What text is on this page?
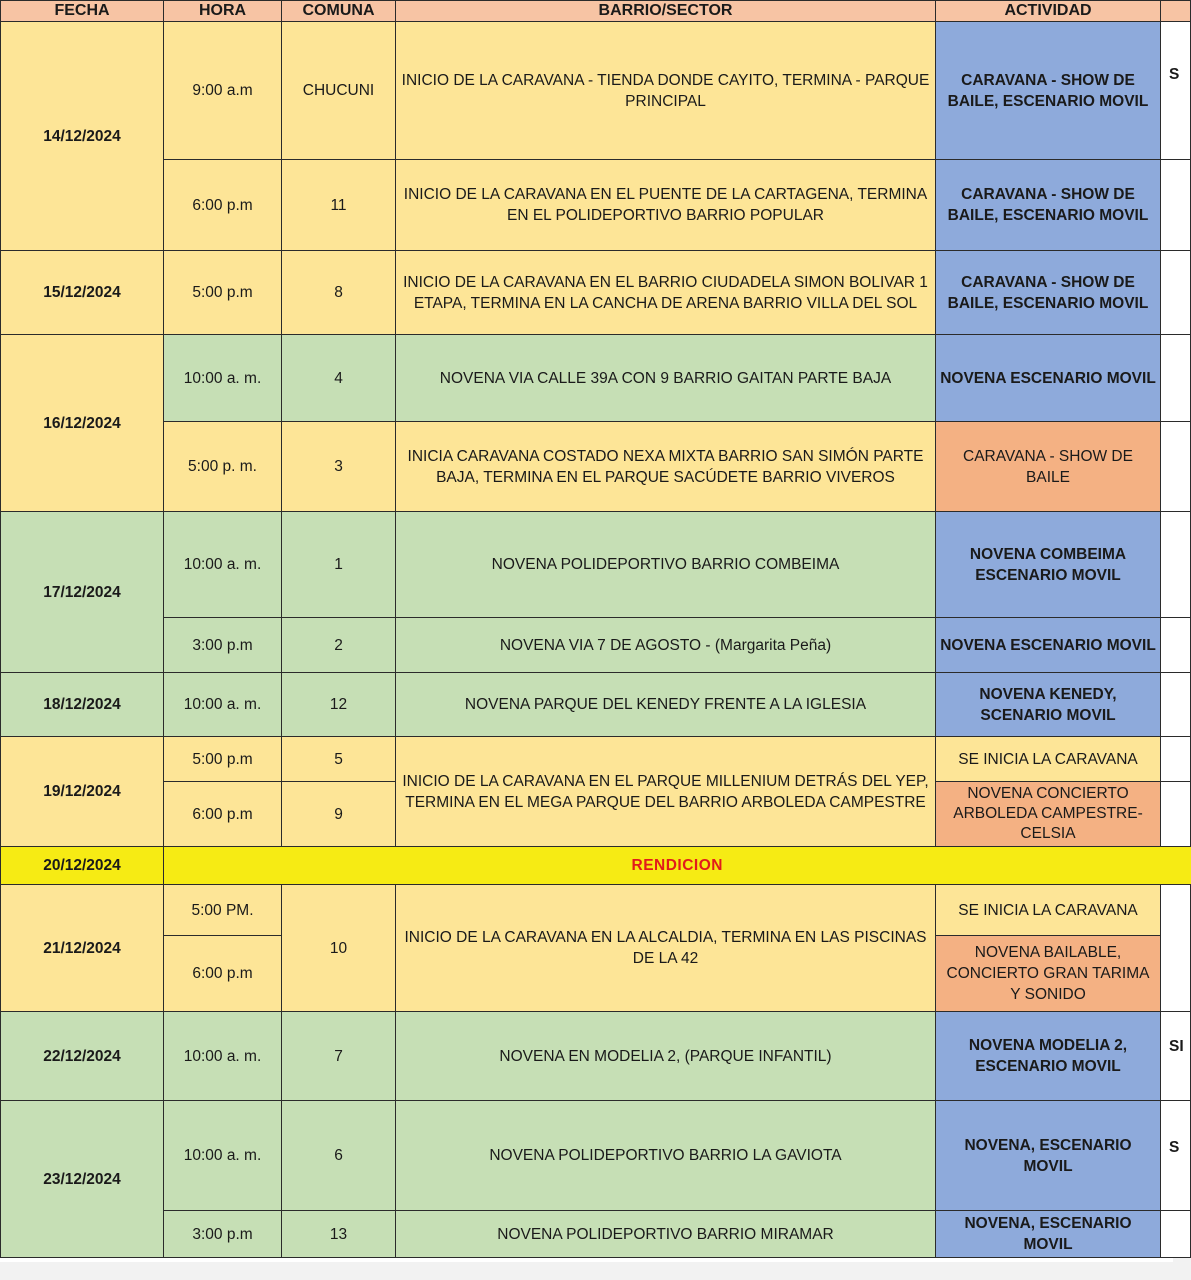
FECHA	HORA	COMUNA	BARRIO/SECTOR	ACTIVIDAD	
14/12/2024	9:00 a.m	CHUCUNI	INICIO DE LA CARAVANA - TIENDA DONDE CAYITO, TERMINA - PARQUE PRINCIPAL	CARAVANA - SHOW DE BAILE, ESCENARIO MOVIL	S

	6:00 p.m	11	INICIO DE LA CARAVANA EN EL PUENTE DE LA CARTAGENA, TERMINA EN EL POLIDEPORTIVO BARRIO POPULAR	CARAVANA - SHOW DE BAILE, ESCENARIO MOVIL	
15/12/2024	5:00 p.m	8	INICIO DE LA CARAVANA EN EL BARRIO CIUDADELA SIMON BOLIVAR 1 ETAPA, TERMINA EN LA CANCHA DE ARENA BARRIO VILLA DEL SOL	CARAVANA - SHOW DE BAILE, ESCENARIO MOVIL	
16/12/2024	10:00 a. m.	4	NOVENA VIA CALLE 39A CON 9 BARRIO GAITAN PARTE BAJA	NOVENA ESCENARIO MOVIL	
	5:00 p. m.	3	INICIA CARAVANA COSTADO NEXA MIXTA BARRIO SAN SIMÓN PARTE BAJA, TERMINA EN EL PARQUE SACÚDETE BARRIO VIVEROS	CARAVANA - SHOW DE BAILE	
17/12/2024	10:00 a. m.	1	NOVENA POLIDEPORTIVO BARRIO COMBEIMA	NOVENA COMBEIMA ESCENARIO MOVIL	
	3:00 p.m	2	NOVENA VIA 7 DE AGOSTO - (Margarita Peña)	NOVENA ESCENARIO MOVIL	
18/12/2024	10:00 a. m.	12	NOVENA PARQUE DEL KENEDY FRENTE A LA IGLESIA	NOVENA KENEDY, SCENARIO MOVIL	
19/12/2024	5:00 p.m	5	INICIO DE LA CARAVANA EN EL PARQUE MILLENIUM DETRÁS DEL YEP, TERMINA EN EL MEGA PARQUE DEL BARRIO ARBOLEDA CAMPESTRE	SE INICIA LA CARAVANA	
	6:00 p.m	9		NOVENA CONCIERTO ARBOLEDA CAMPESTRE- CELSIA	
20/12/2024	RENDICION				
21/12/2024	5:00 PM.	10	INICIO DE LA CARAVANA EN LA ALCALDIA, TERMINA EN LAS PISCINAS DE LA 42	SE INICIA LA CARAVANA	
	6:00 p.m			NOVENA BAILABLE, CONCIERTO GRAN TARIMA Y SONIDO	
22/12/2024	10:00 a. m.	7	NOVENA EN MODELIA 2, (PARQUE INFANTIL)	NOVENA MODELIA 2, ESCENARIO MOVIL	SI

23/12/2024	10:00 a. m.	6	NOVENA POLIDEPORTIVO BARRIO LA GAVIOTA	NOVENA, ESCENARIO MOVIL	S

	3:00 p.m	13	NOVENA POLIDEPORTIVO BARRIO MIRAMAR	NOVENA, ESCENARIO MOVIL	
